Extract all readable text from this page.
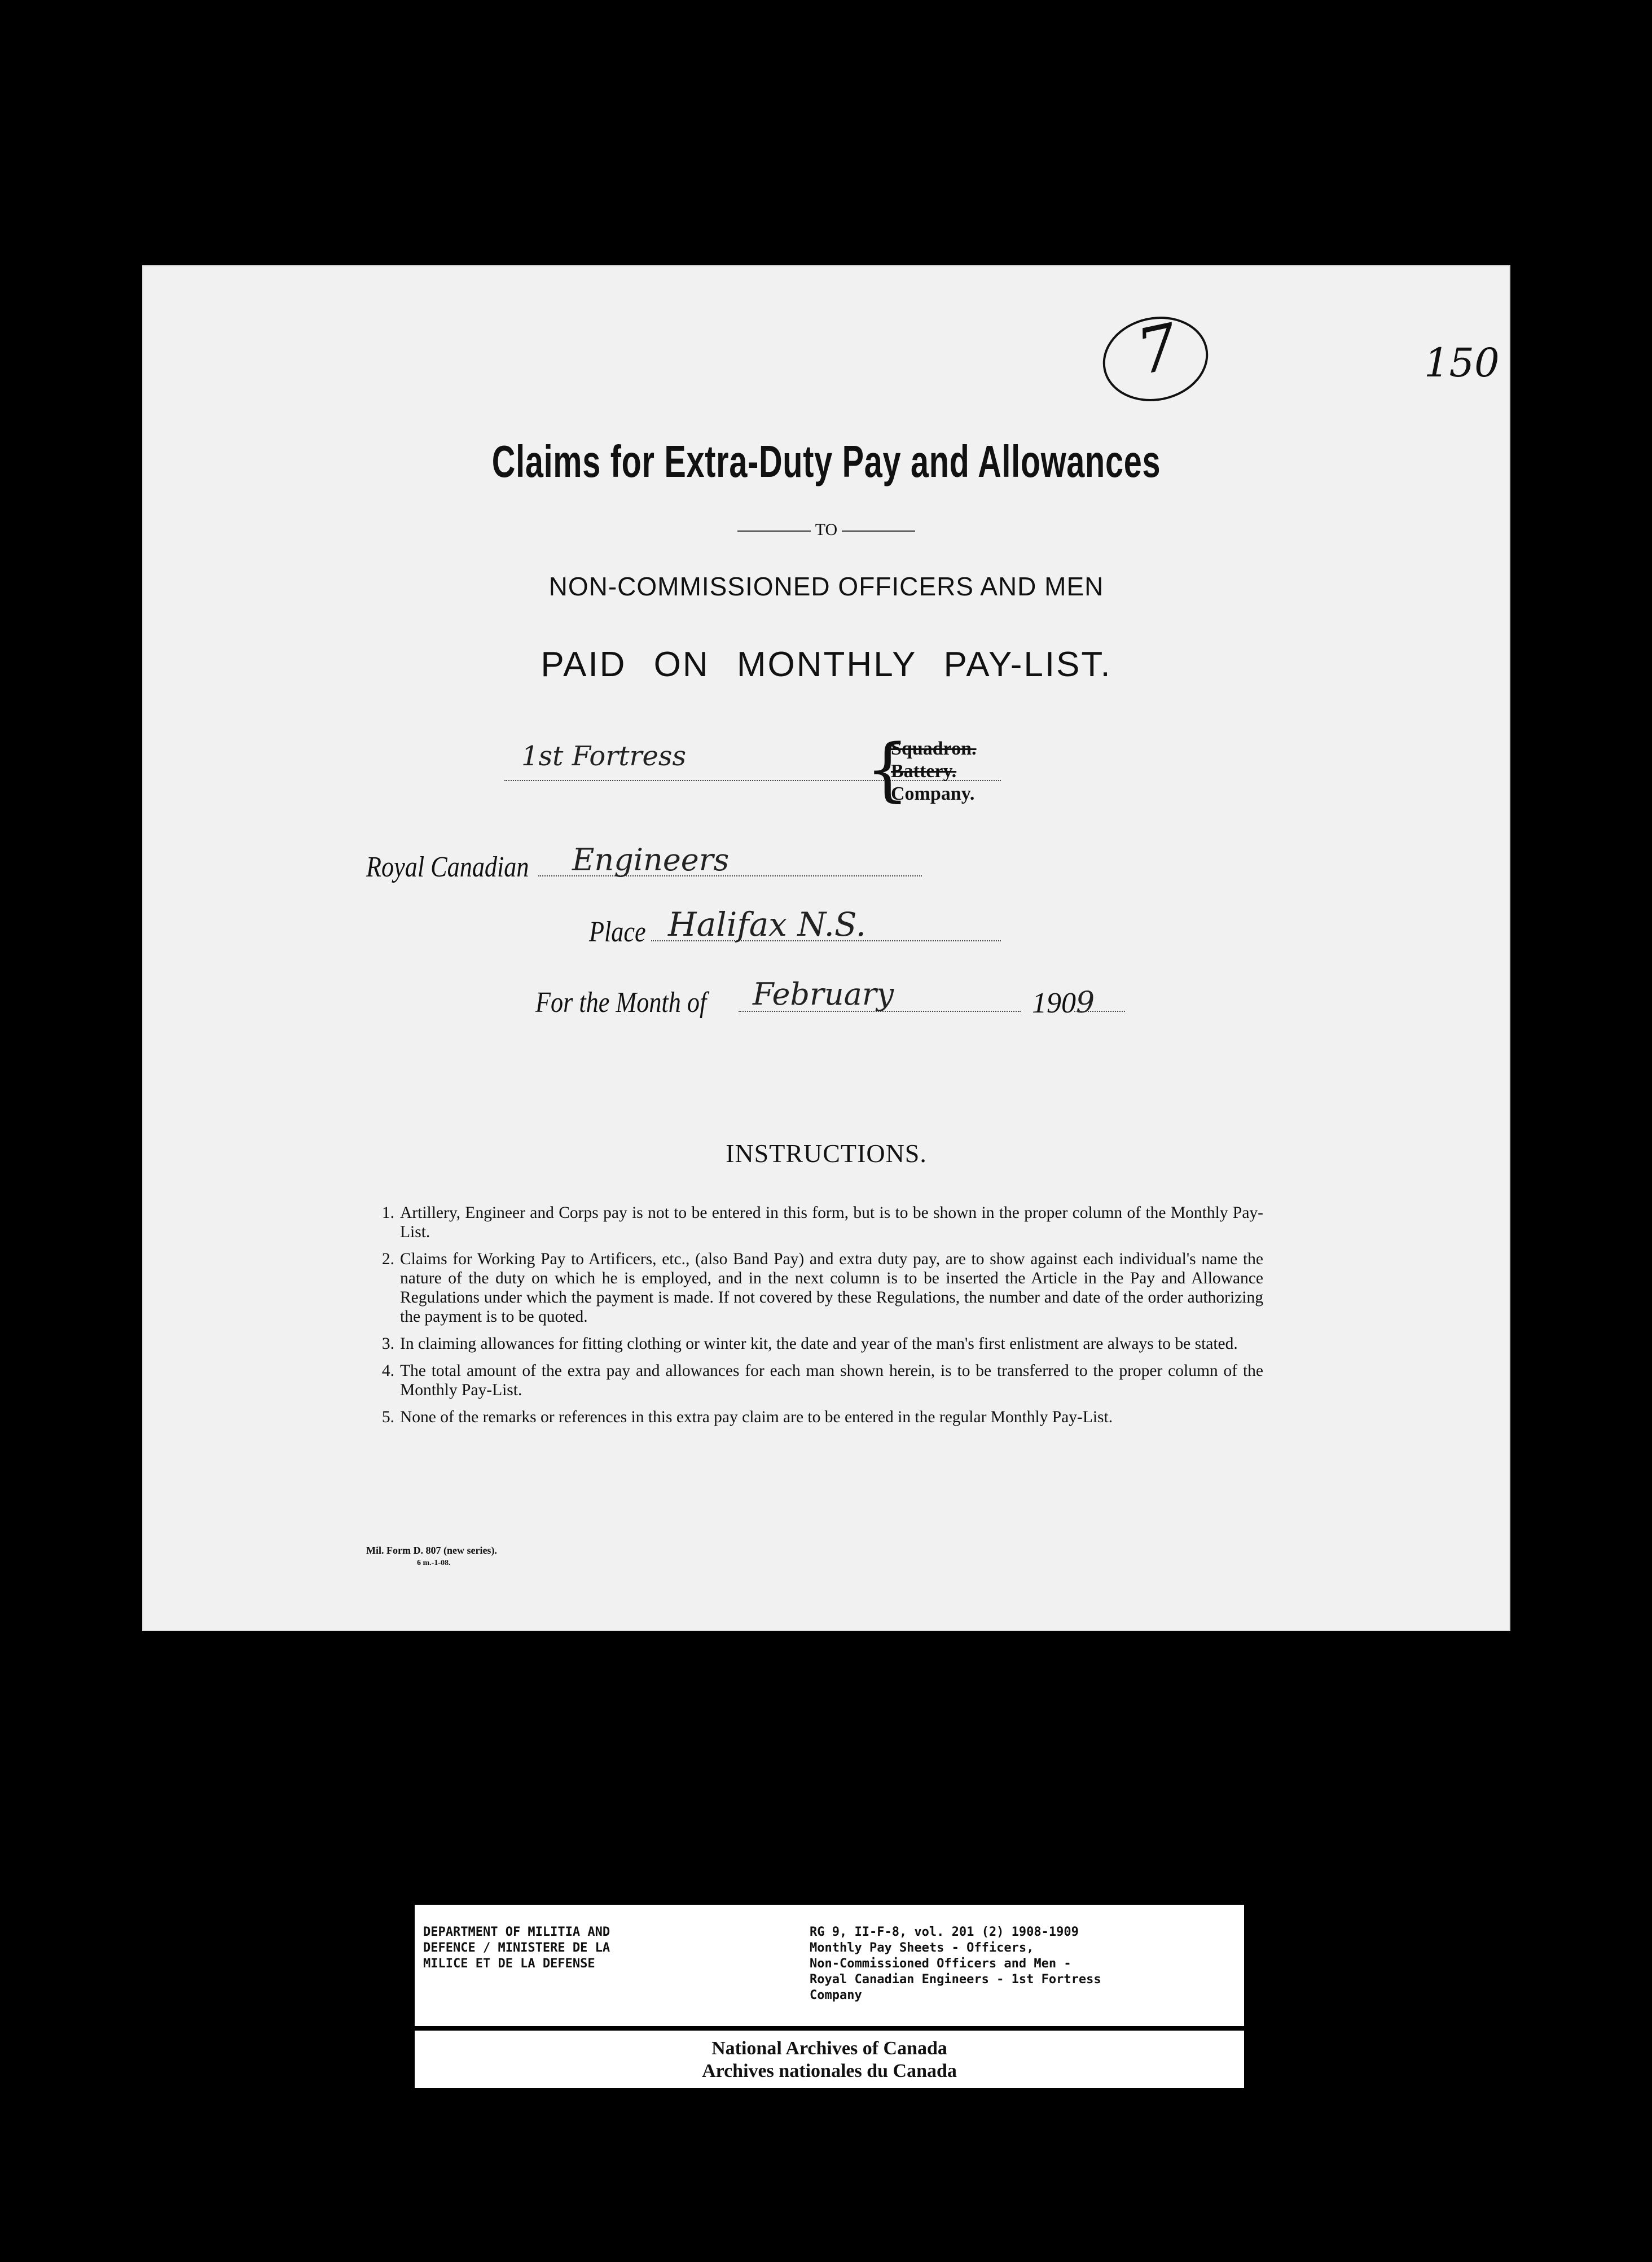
7	150
Claims for Extra-Duty Pay and Allowances
TO
NON-COMMISSIONED OFFICERS AND MEN
PAID ON MONTHLY PAY-LIST.
1st Fortress	{
Squadron.
Battery.
Company.
Royal Canadian Engineers
Place Halifax N.S.
For the Month of February	1909
INSTRUCTIONS.
1. Artillery, Engineer and Corps pay is not to be entered in this form, but is to be shown in the proper column of the Monthly Pay-List.
2. Claims for Working Pay to Artificers, etc., (also Band Pay) and extra duty pay, are to show against each individual's name the nature of the duty on which he is employed, and in the next column is to be inserted the Article in the Pay and Allowance Regulations under which the payment is made. If not covered by these Regulations, the number and date of the order authorizing the payment is to be quoted.
3. In claiming allowances for fitting clothing or winter kit, the date and year of the man's first enlistment are always to be stated.
4. The total amount of the extra pay and allowances for each man shown herein, is to be transferred to the proper column of the Monthly Pay-List.
5. None of the remarks or references in this extra pay claim are to be entered in the regular Monthly Pay-List.
Mil. Form D. 807 (new series).
6 m.-1-08.
DEPARTMENT OF MILITIA AND
DEFENCE / MINISTERE DE LA
MILICE ET DE LA DEFENSE
RG 9, II-F-8, vol. 201 (2) 1908-1909
Monthly Pay Sheets - Officers,
Non-Commissioned Officers and Men -
Royal Canadian Engineers - 1st Fortress
Company
National Archives of Canada
Archives nationales du Canada
